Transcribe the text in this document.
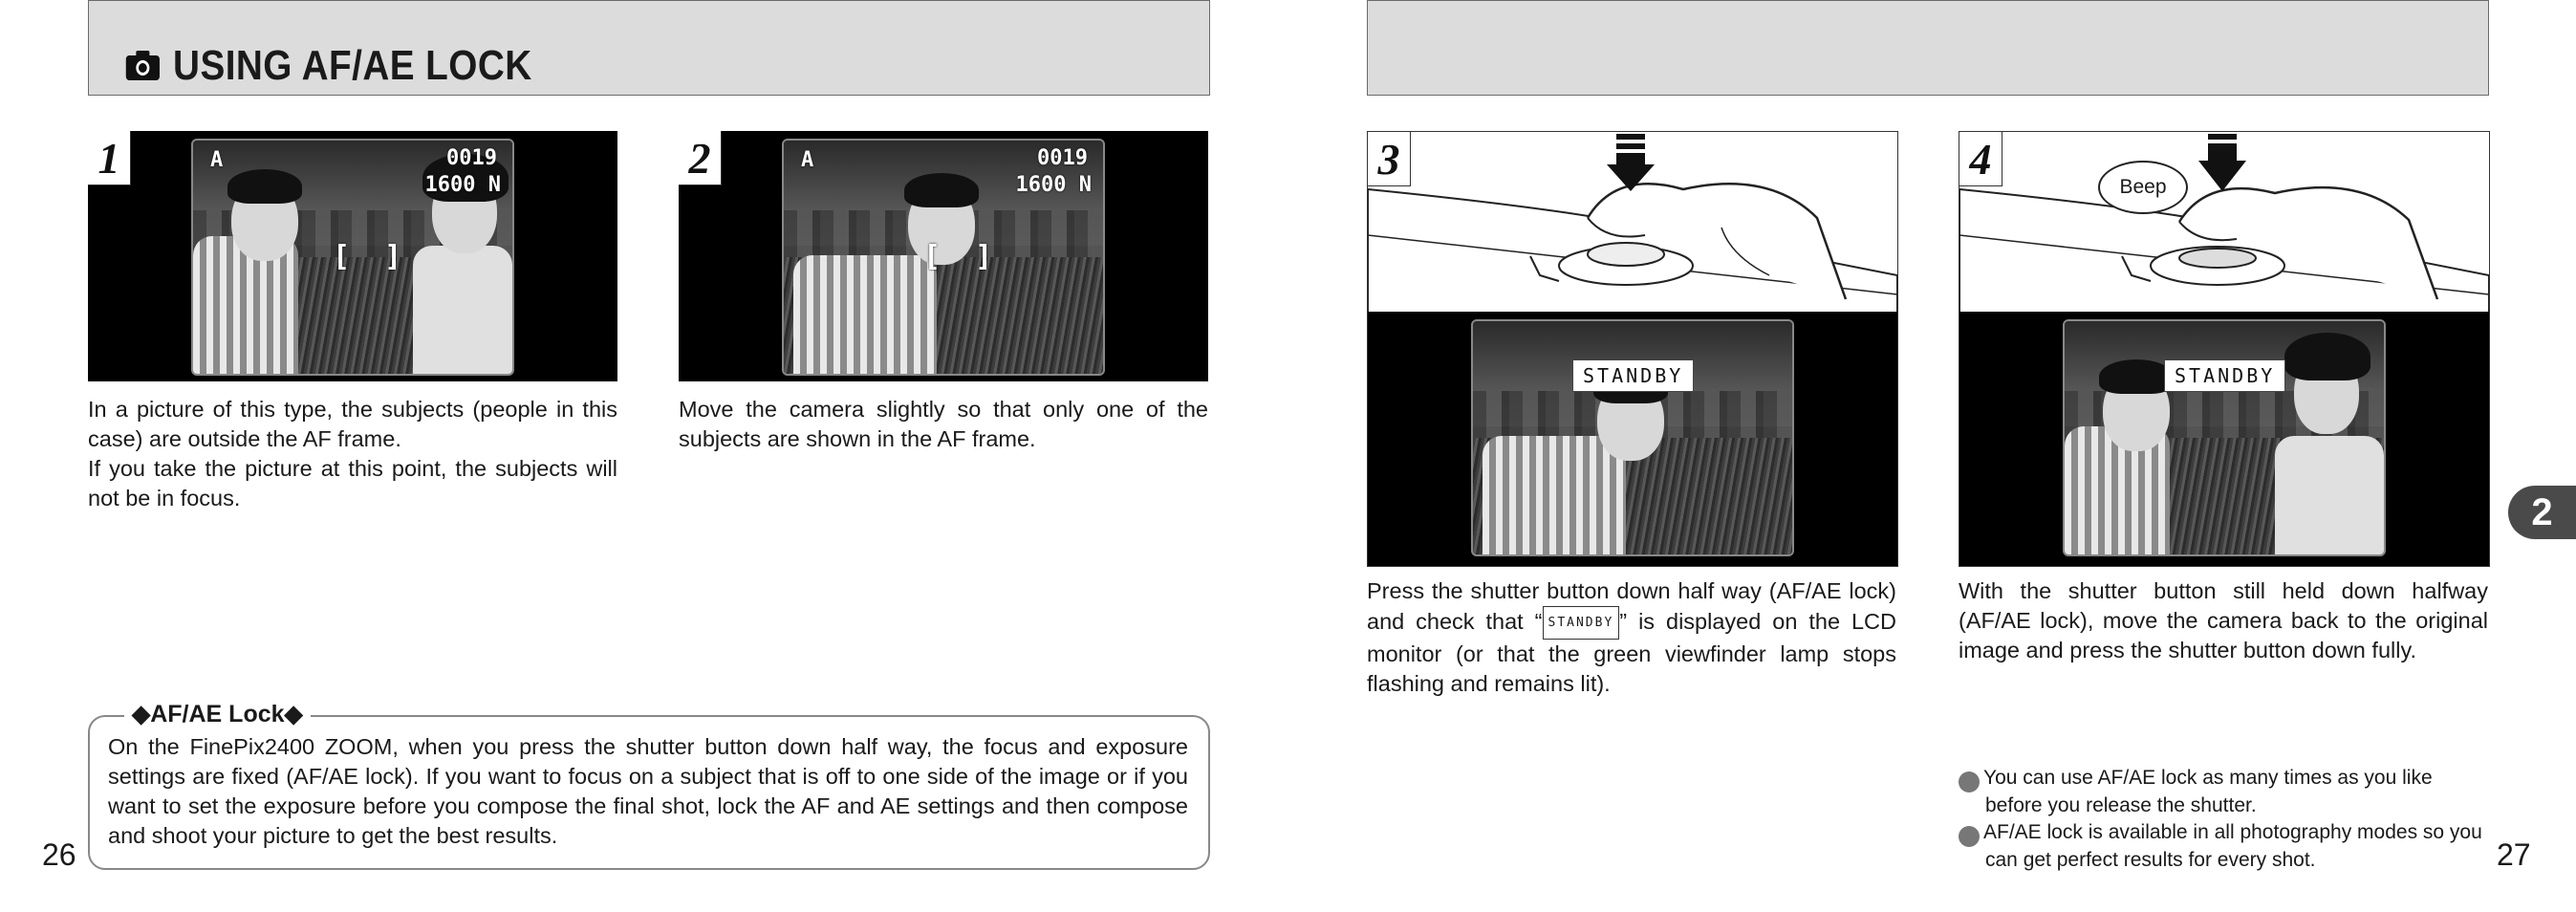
USING AF/AE LOCK
1	A	0019
1600 N
[  ]
In a picture of this type, the subjects (people in this case) are outside the AF frame.
If you take the picture at this point, the subjects will not be in focus.
2	A	0019
1600 N
[  ]
Move the camera slightly so that only one of the subjects are shown in the AF frame.
3
STANDBY
Press the shutter button down half way (AF/AE lock) and check that “ STANDBY ” is displayed on the LCD monitor (or that the green viewfinder lamp stops flashing and remains lit).
4
Beep
STANDBY
With the shutter button still held down halfway (AF/AE lock), move the camera back to the original image and press the shutter button down fully.
◆AF/AE Lock◆
On the FinePix2400 ZOOM, when you press the shutter button down half way, the focus and exposure settings are fixed (AF/AE lock). If you want to focus on a subject that is off to one side of the image or if you want to set the exposure before you compose the final shot, lock the AF and AE settings and then compose and shoot your picture to get the best results.
! You can use AF/AE lock as many times as you like before you release the shutter.
! AF/AE lock is available in all photography modes so you can get perfect results for every shot.
26	27
2
